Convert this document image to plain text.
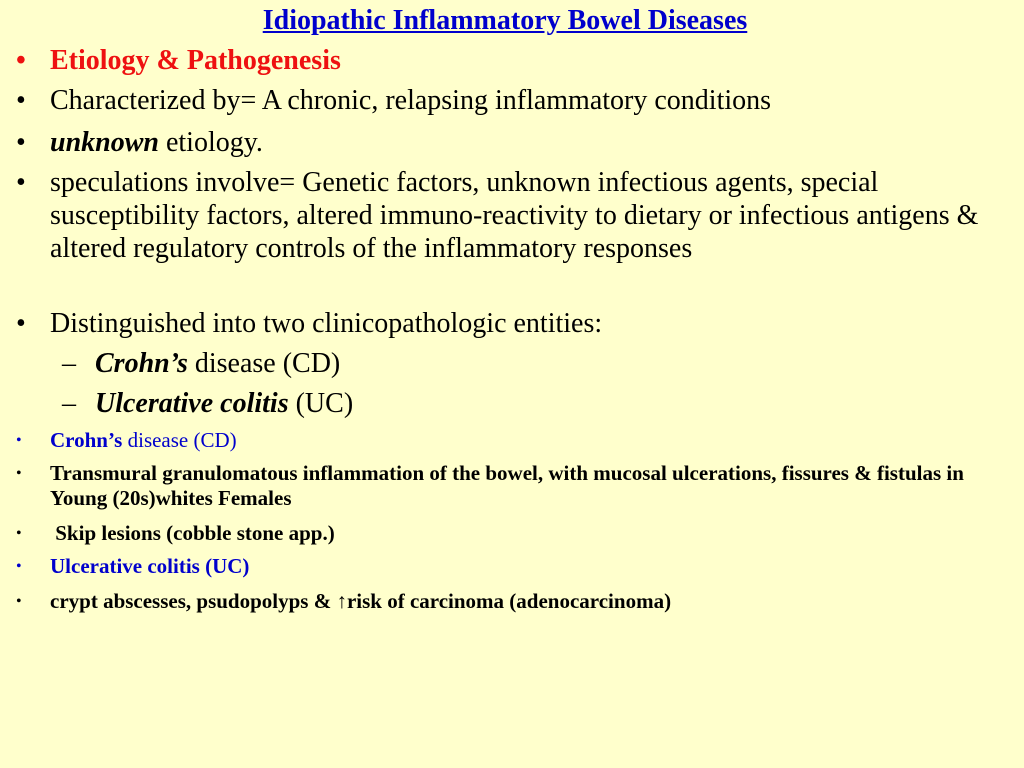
Idiopathic Inflammatory Bowel Diseases
• Etiology & Pathogenesis
• Characterized by= A chronic, relapsing inflammatory conditions
• unknown etiology.
• speculations involve= Genetic factors, unknown infectious agents, special susceptibility factors, altered immuno-reactivity to dietary or infectious antigens & altered regulatory controls of the inflammatory responses
• Distinguished into two clinicopathologic entities:
– Crohn’s disease (CD)
– Ulcerative colitis (UC)
• Crohn’s disease (CD)
• Transmural granulomatous inflammation of the bowel, with mucosal ulcerations, fissures & fistulas in Young (20s)whites Females
• Skip lesions (cobble stone app.)
• Ulcerative colitis (UC)
• crypt abscesses, psudopolyps & ↑risk of carcinoma (adenocarcinoma)
